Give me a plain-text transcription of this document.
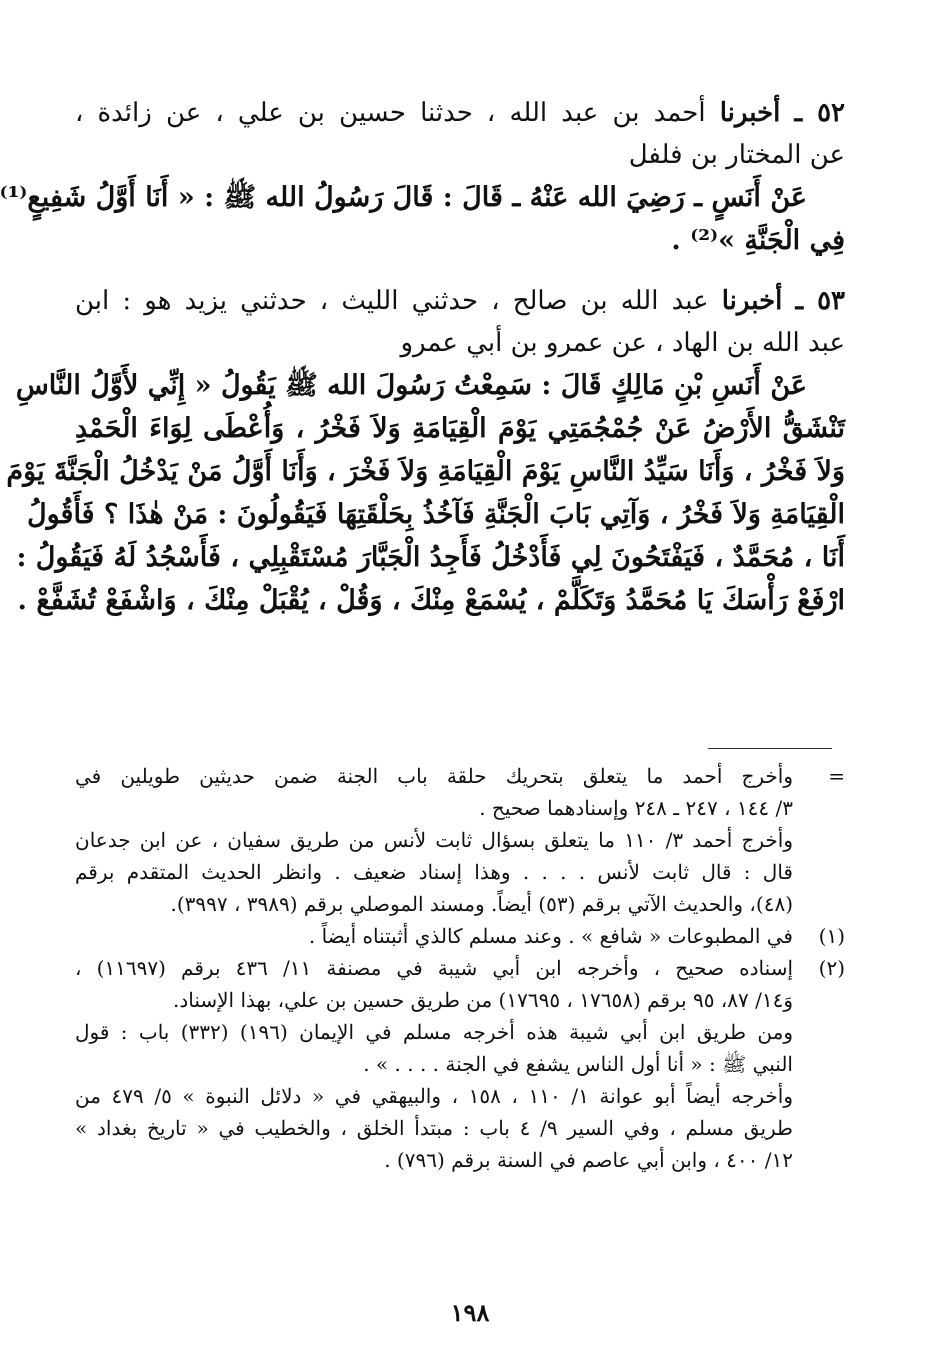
٥٢ ـ أخبرنا أحمد بن عبد الله ، حدثنا حسين بن علي ، عن زائدة ،
عن المختار بن فلفل
عَنْ أَنَسٍ ـ رَضِيَ الله عَنْهُ ـ قَالَ : قَالَ رَسُولُ الله ﷺ : « أَنَا أَوَّلُ شَفِيعٍ⁽¹⁾
فِي الْجَنَّةِ »⁽²⁾ .
٥٣ ـ أخبرنا عبد الله بن صالح ، حدثني الليث ، حدثني يزيد هو : ابن
عبد الله بن الهاد ، عن عمرو بن أبي عمرو
عَنْ أَنَسِ بْنِ مَالِكٍ قَالَ : سَمِعْتُ رَسُولَ الله ﷺ يَقُولُ « إِنِّي لأَوَّلُ النَّاسِ
تَنْشَقُّ الأَرْضُ عَنْ جُمْجُمَتِي يَوْمَ الْقِيَامَةِ وَلاَ فَخْرُ ، وَأُعْطَى لِوَاءَ الْحَمْدِ
وَلاَ فَخْرُ ، وَأَنَا سَيِّدُ النَّاسِ يَوْمَ الْقِيَامَةِ وَلاَ فَخْرَ ، وَأَنَا أَوَّلُ مَنْ يَدْخُلُ الْجَنَّةَ يَوْمَ
الْقِيَامَةِ وَلاَ فَخْرُ ، وَآتِي بَابَ الْجَنَّةِ فَآخُذُ بِحَلْقَتِهَا فَيَقُولُونَ : مَنْ هٰذَا ؟ فَأَقُولُ
أَنَا ، مُحَمَّدٌ ، فَيَفْتَحُونَ لِي فَأَدْخُلُ فَأَجِدُ الْجَبَّارَ مُسْتَقْبِلِي ، فَأَسْجُدُ لَهُ فَيَقُولُ :
ارْفَعْ رَأْسَكَ يَا مُحَمَّدُ وَتَكَلَّمْ ، يُسْمَعْ مِنْكَ ، وَقُلْ ، يُقْبَلْ مِنْكَ ، وَاشْفَعْ تُشَفَّعْ .
=
وأخرج أحمد ما يتعلق بتحريك حلقة باب الجنة ضمن حديثين طويلين في
٣/ ١٤٤ ، ٢٤٧ ـ ٢٤٨ وإسنادهما صحيح .
وأخرج أحمد ٣/ ١١٠ ما يتعلق بسؤال ثابت لأنس من طريق سفيان ، عن ابن جدعان
قال : قال ثابت لأنس . . . . وهذا إسناد ضعيف . وانظر الحديث المتقدم برقم
(٤٨)، والحديث الآتي برقم (٥٣) أيضاً. ومسند الموصلي برقم (٣٩٨٩ ، ٣٩٩٧).
(١)
في المطبوعات « شافع » . وعند مسلم كالذي أثبتناه أيضاً .
(٢)
إسناده صحيح ، وأخرجه ابن أبي شيبة في مصنفة ١١/ ٤٣٦ برقم (١١٦٩٧) ،
وَ١٤/ ٨٧، ٩٥ برقم (١٧٦٥٨ ، ١٧٦٩٥) من طريق حسين بن علي، بهذا الإسناد.
ومن طريق ابن أبي شيبة هذه أخرجه مسلم في الإيمان (١٩٦) (٣٣٢) باب : قول
النبي ﷺ : « أنا أول الناس يشفع في الجنة . . . . » .
وأخرجه أيضاً أبو عوانة ١/ ١١٠ ، ١٥٨ ، والبيهقي في « دلائل النبوة » ٥/ ٤٧٩ من
طريق مسلم ، وفي السير ٩/ ٤ باب : مبتدأ الخلق ، والخطيب في « تاريخ بغداد »
١٢/ ٤٠٠ ، وابن أبي عاصم في السنة برقم (٧٩٦) .
١٩٨
